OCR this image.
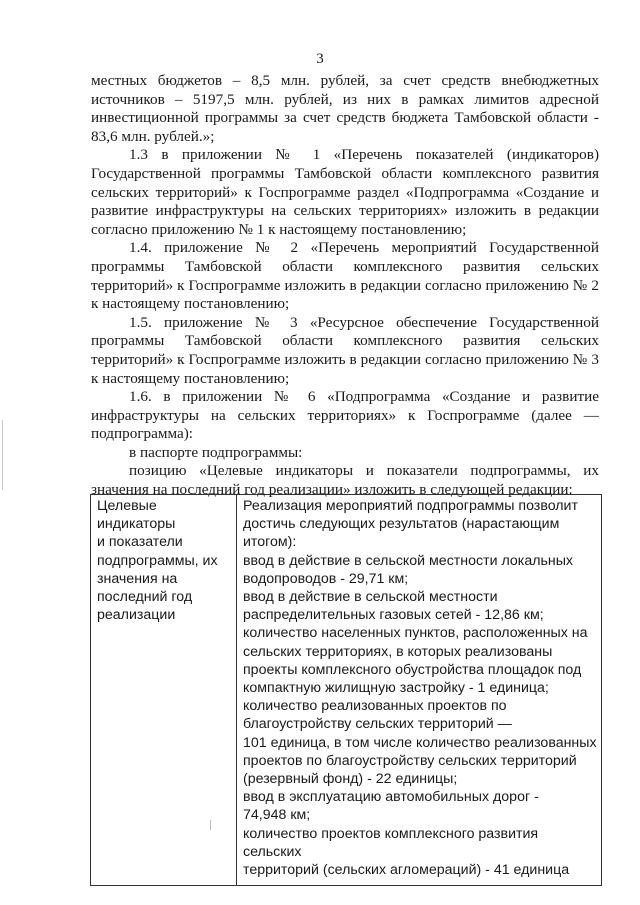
3

местных бюджетов – 8,5 млн. рублей, за счет средств внебюджетных источников – 5197,5 млн. рублей, из них в рамках лимитов адресной инвестиционной программы за счет средств бюджета Тамбовской области - 83,6 млн. рублей.»;

1.3 в приложении № 1 «Перечень показателей (индикаторов) Государственной программы Тамбовской области комплексного развития сельских территорий» к Госпрограмме раздел «Подпрограмма «Создание и развитие инфраструктуры на сельских территориях» изложить в редакции согласно приложению № 1 к настоящему постановлению;

1.4. приложение № 2 «Перечень мероприятий Государственной программы Тамбовской области комплексного развития сельских территорий» к Госпрограмме изложить в редакции согласно приложению № 2 к настоящему постановлению;

1.5. приложение № 3 «Ресурсное обеспечение Государственной программы Тамбовской области комплексного развития сельских территорий» к Госпрограмме изложить в редакции согласно приложению № 3 к настоящему постановлению;

1.6. в приложении № 6 «Подпрограмма «Создание и развитие инфраструктуры на сельских территориях» к Госпрограмме (далее — подпрограмма):

в паспорте подпрограммы:

позицию «Целевые индикаторы и показатели подпрограммы, их значения на последний год реализации» изложить в следующей редакции:

Целевые индикаторы
и показатели
подпрограммы, их
значения на
последний год
реализации
Реализация мероприятий подпрограммы позволит
достичь следующих результатов (нарастающим
итогом):
ввод в действие в сельской местности локальных
водопроводов - 29,71 км;
ввод в действие в сельской местности
распределительных газовых сетей - 12,86 км;
количество населенных пунктов, расположенных на
сельских территориях, в которых реализованы
проекты комплексного обустройства площадок под
компактную жилищную застройку - 1 единица;
количество реализованных проектов по
благоустройству сельских территорий —
101 единица, в том числе количество реализованных
проектов по благоустройству сельских территорий
(резервный фонд) - 22 единицы;
ввод в эксплуатацию автомобильных дорог -
74,948 км;
количество проектов комплексного развития сельских
территорий (сельских агломераций) - 41 единица
